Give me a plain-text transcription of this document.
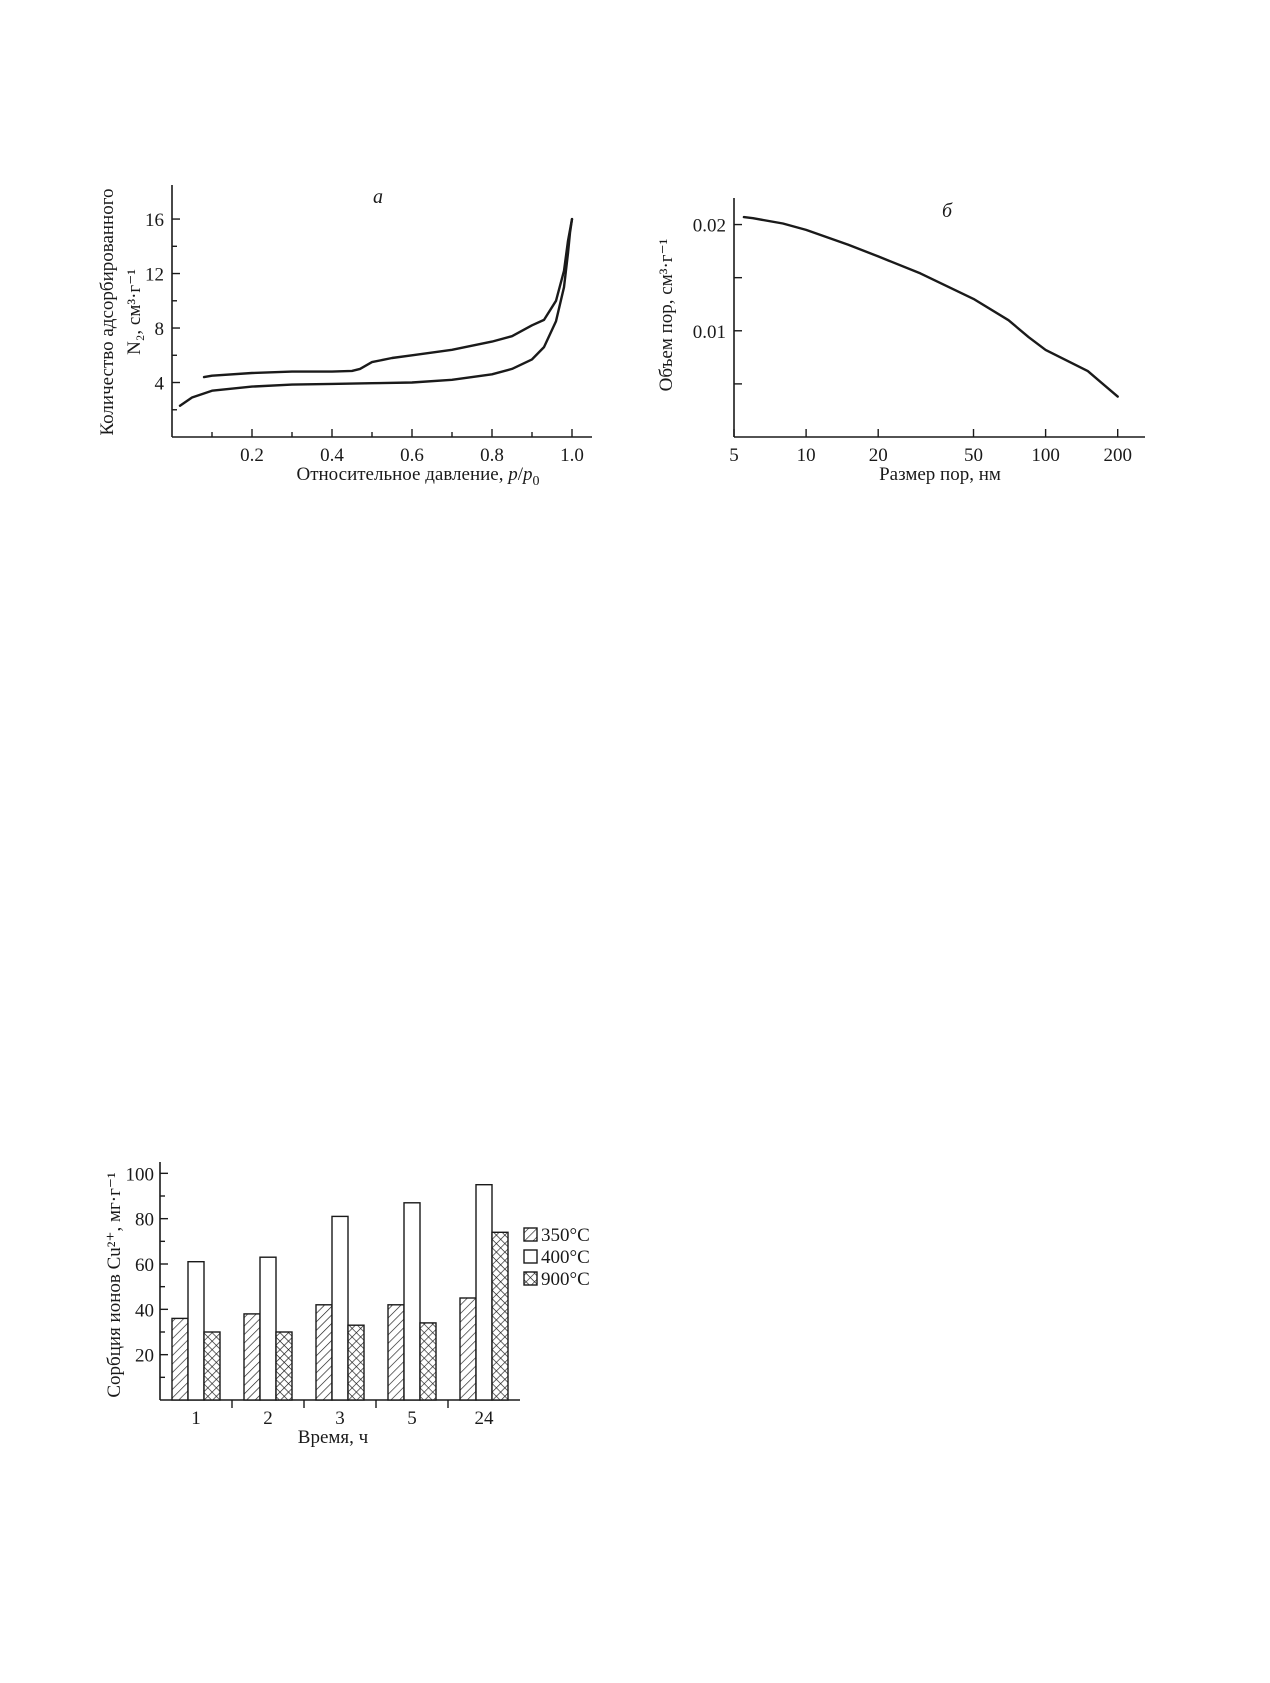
0.2	0.4	0.6	0.8	1.0
4
8
12
16
а
Относительное давление, $p/p_0$
Количество адсорбированного N₂, см³·г⁻¹
5	10	20	50	100 200
0.01
0.02
б
Размер пор, нм
Объем пор, см³·г⁻¹
20
40
60
80
100
1	2	3	5	24
Время, ч
Сорбция ионов Cu²⁺, мг·г⁻¹	350°C
400°C
900°C
